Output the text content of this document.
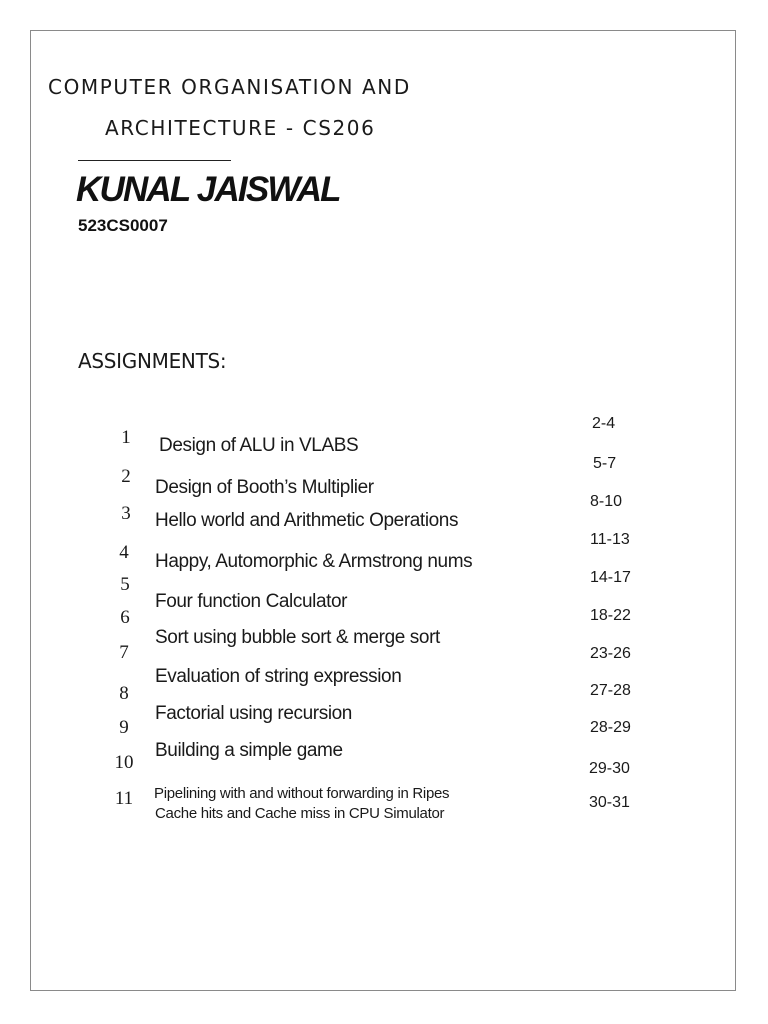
COMPUTER ORGANISATION AND
ARCHITECTURE - CS206
KUNAL JAISWAL
523CS0007
ASSIGNMENTS:
1
2
3
4
5
6
7
8
9
10
11
Design of ALU in VLABS
Design of Booth’s Multiplier
Hello world and Arithmetic Operations
Happy, Automorphic & Armstrong nums
Four function Calculator
Sort using bubble sort & merge sort
Evaluation of string expression
Factorial using recursion
Building a simple game
Pipelining with and without forwarding in Ripes
Cache hits and Cache miss in CPU Simulator
2-4
5-7
8-10
11-13
14-17
18-22
23-26
27-28
28-29
29-30
30-31
